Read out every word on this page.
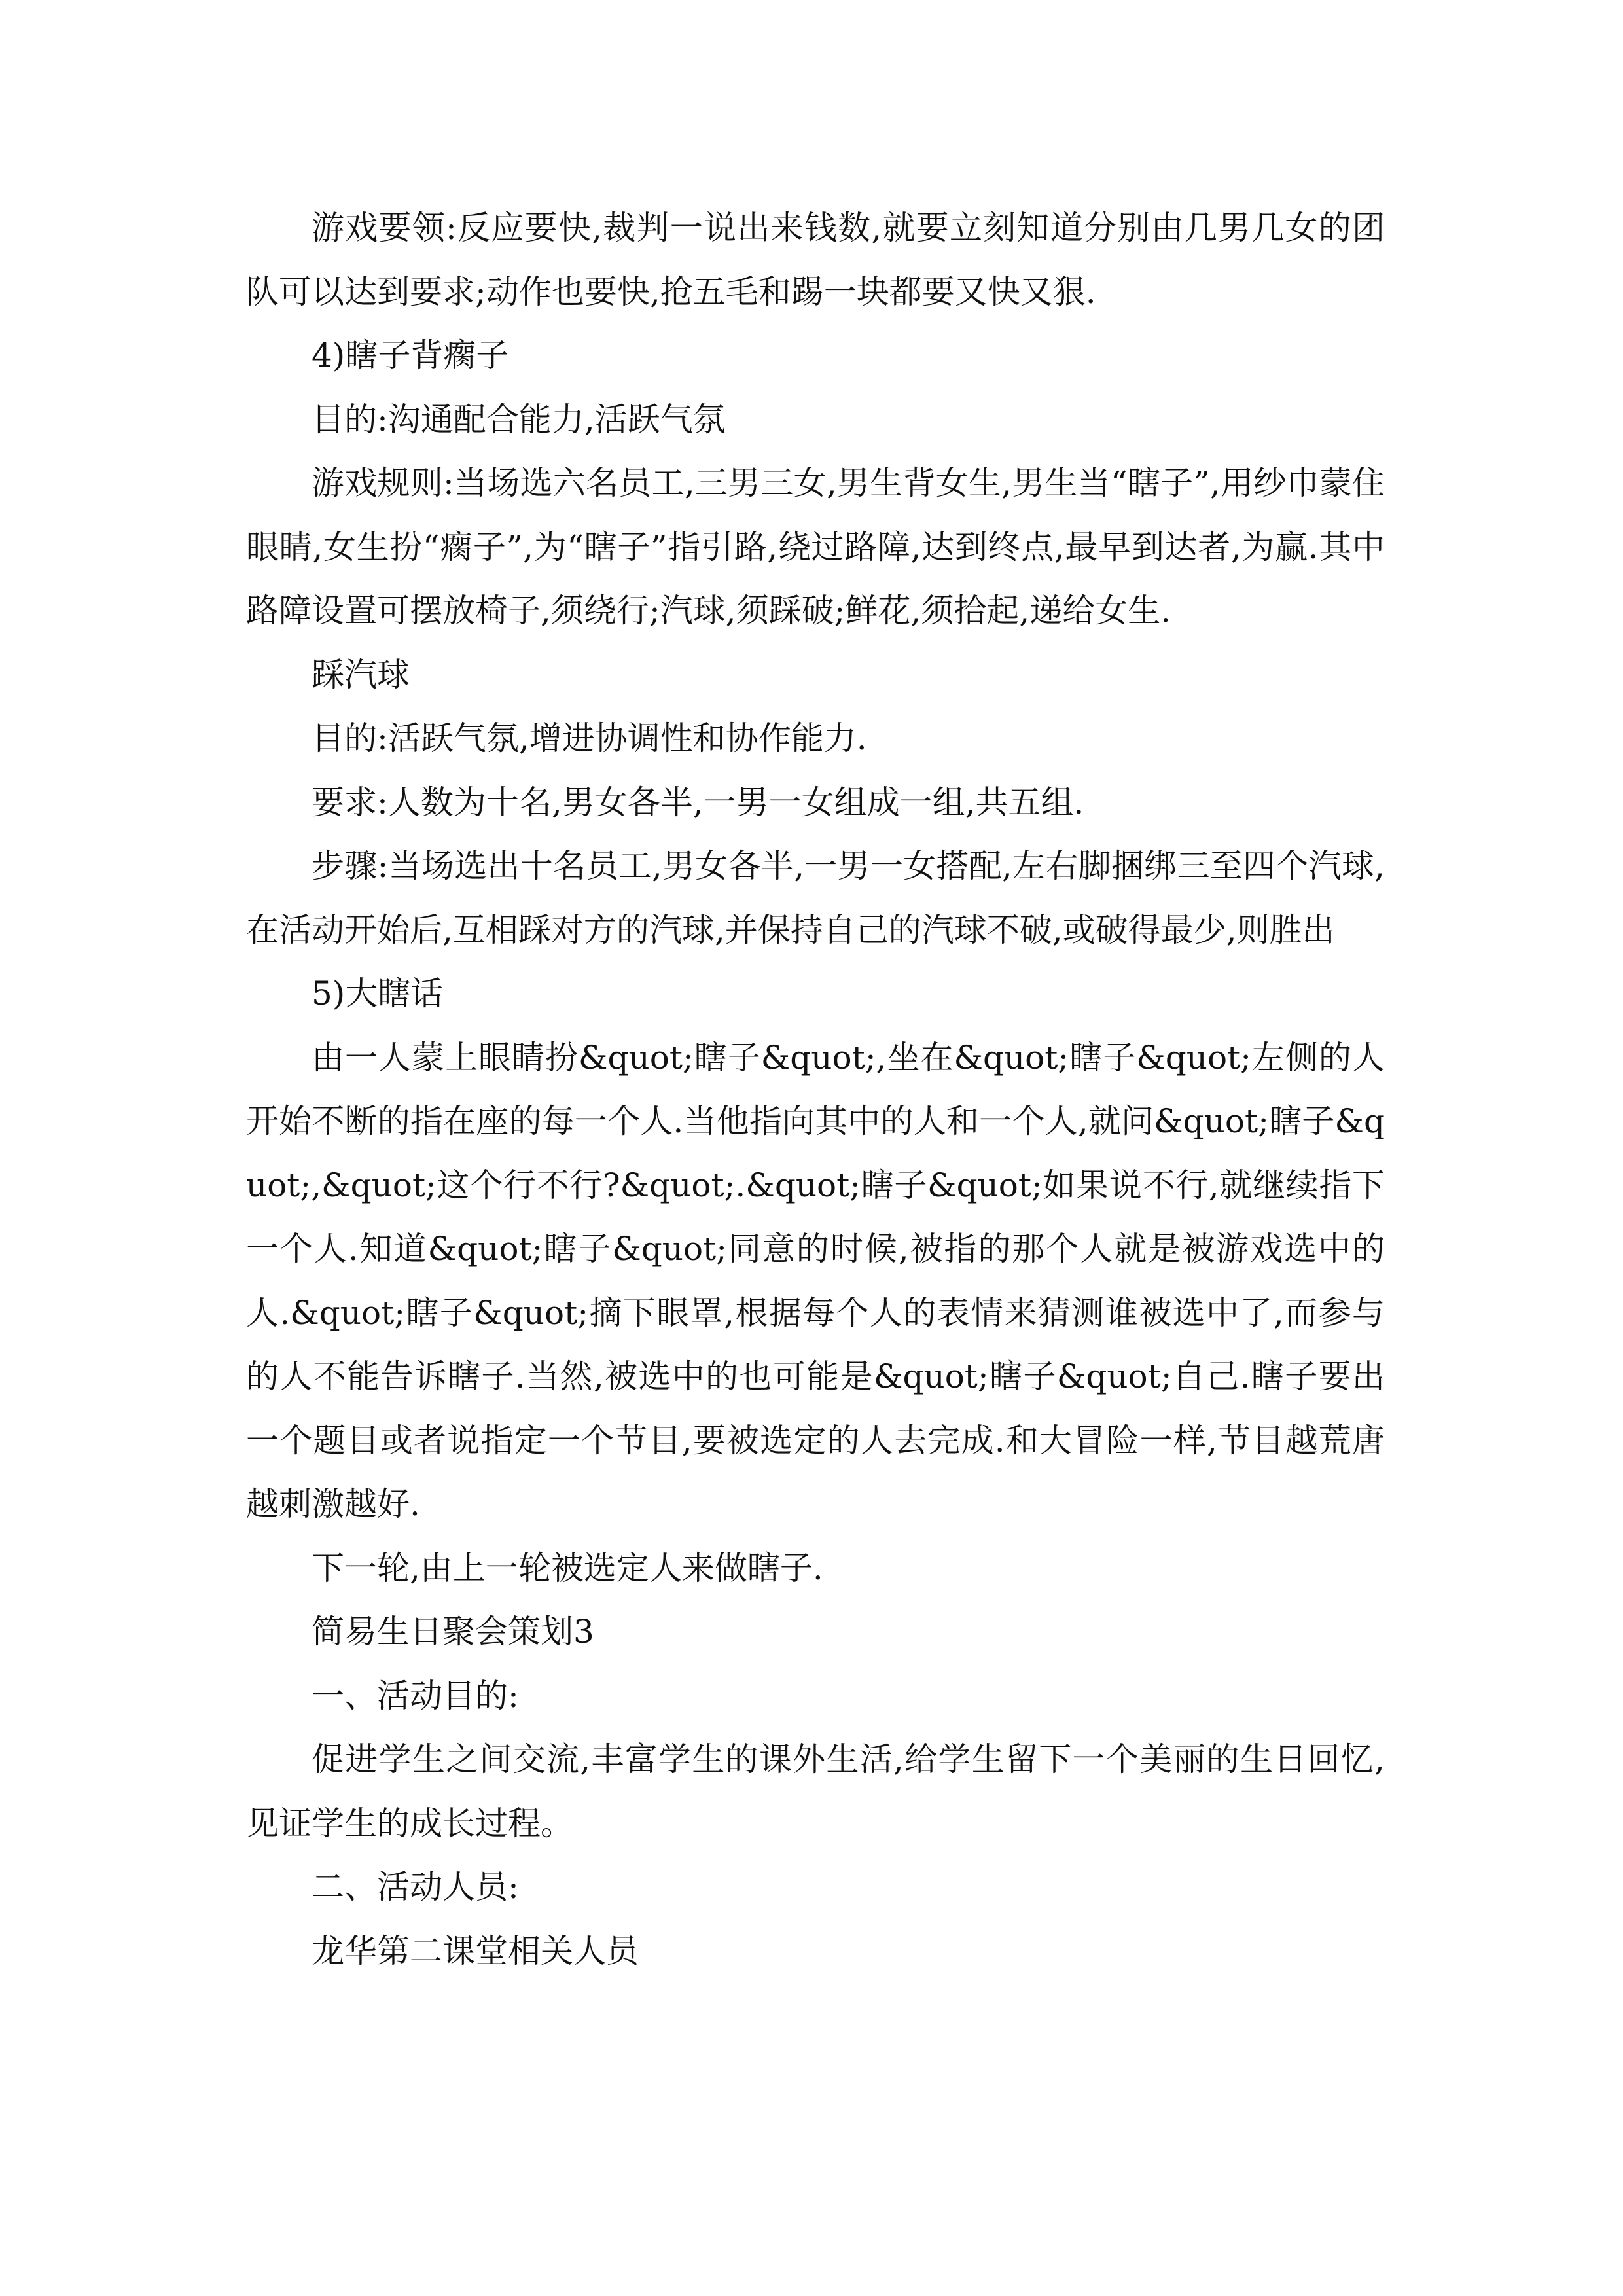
游戏要领:反应要快,裁判一说出来钱数,就要立刻知道分别由几男几女的团队可以达到要求;动作也要快,抢五毛和踢一块都要又快又狠.

4)瞎子背瘸子

目的:沟通配合能力,活跃气氛

游戏规则:当场选六名员工,三男三女,男生背女生,男生当“瞎子”,用纱巾蒙住眼睛,女生扮“瘸子”,为“瞎子”指引路,绕过路障,达到终点,最早到达者,为赢.其中路障设置可摆放椅子,须绕行;汽球,须踩破;鲜花,须拾起,递给女生.

踩汽球

目的:活跃气氛,增进协调性和协作能力.

要求:人数为十名,男女各半,一男一女组成一组,共五组.

步骤:当场选出十名员工,男女各半,一男一女搭配,左右脚捆绑三至四个汽球,在活动开始后,互相踩对方的汽球,并保持自己的汽球不破,或破得最少,则胜出

5)大瞎话

由一人蒙上眼睛扮&quot;瞎子&quot;,坐在&quot;瞎子&quot;左侧的人开始不断的指在座的每一个人.当他指向其中的人和一个人,就问&quot;瞎子&quot;,&quot;这个行不行?&quot;.&quot;瞎子&quot;如果说不行,就继续指下一个人.知道&quot;瞎子&quot;同意的时候,被指的那个人就是被游戏选中的人.&quot;瞎子&quot;摘下眼罩,根据每个人的表情来猜测谁被选中了,而参与的人不能告诉瞎子.当然,被选中的也可能是&quot;瞎子&quot;自己.瞎子要出一个题目或者说指定一个节目,要被选定的人去完成.和大冒险一样,节目越荒唐越刺激越好.

下一轮,由上一轮被选定人来做瞎子.

简易生日聚会策划3

一、活动目的:

促进学生之间交流,丰富学生的课外生活,给学生留下一个美丽的生日回忆,见证学生的成长过程。

二、活动人员:

龙华第二课堂相关人员
